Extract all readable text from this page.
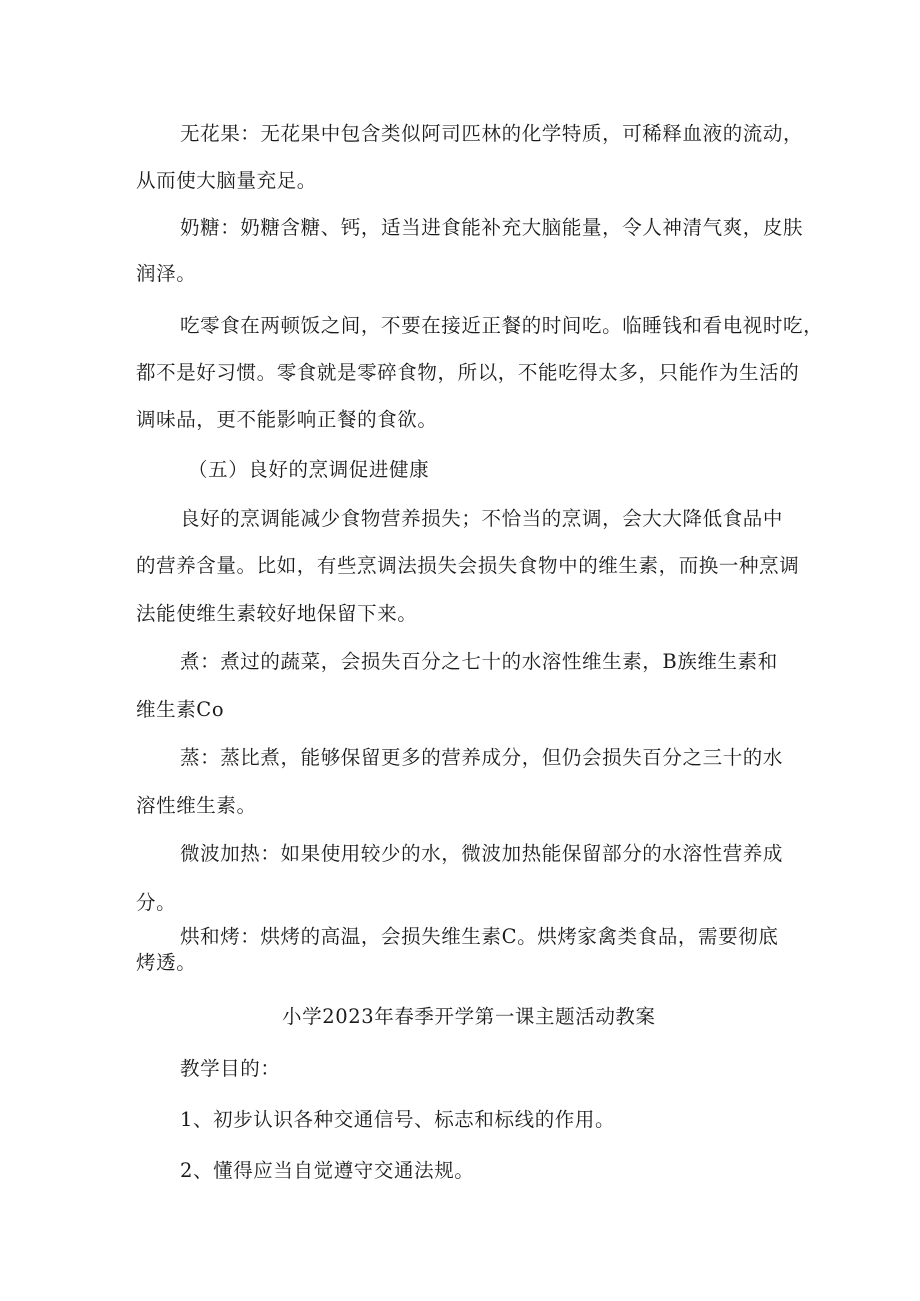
无花果：无花果中包含类似阿司匹林的化学特质，可稀释血液的流动，
从而使大脑量充足。
奶糖：奶糖含糖、钙，适当进食能补充大脑能量，令人神清气爽，皮肤
润泽。
吃零食在两顿饭之间，不要在接近正餐的时间吃。临睡钱和看电视时吃，
都不是好习惯。零食就是零碎食物，所以，不能吃得太多，只能作为生活的
调味品，更不能影响正餐的食欲。
（五）良好的烹调促进健康
良好的烹调能减少食物营养损失；不恰当的烹调，会大大降低食品中
的营养含量。比如，有些烹调法损失会损失食物中的维生素，而换一种烹调
法能使维生素较好地保留下来。
煮：煮过的蔬菜，会损失百分之七十的水溶性维生素，B族维生素和
维生素Co
蒸：蒸比煮，能够保留更多的营养成分，但仍会损失百分之三十的水
溶性维生素。
微波加热：如果使用较少的水，微波加热能保留部分的水溶性营养成
分。
烘和烤：烘烤的高温，会损失维生素C。烘烤家禽类食品，需要彻底
烤透。
小学2023年春季开学第一课主题活动教案
教学目的：
1、初步认识各种交通信号、标志和标线的作用。
2、懂得应当自觉遵守交通法规。
